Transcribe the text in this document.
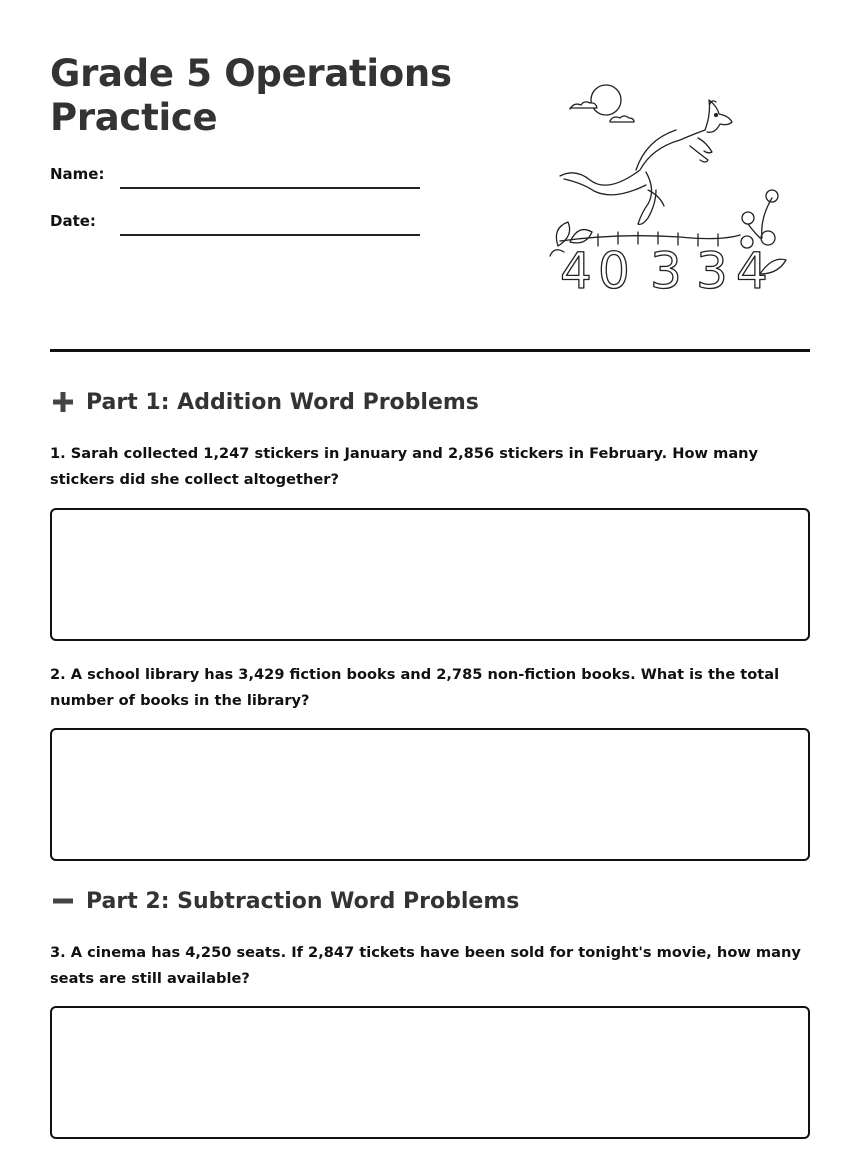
Grade 5 Operations Practice
Name:
Date:
4 0 3 3 4
Part 1: Addition Word Problems

1. Sarah collected 1,247 stickers in January and 2,856 stickers in February. How many stickers did she collect altogether?

2. A school library has 3,429 fiction books and 2,785 non-fiction books. What is the total number of books in the library?

Part 2: Subtraction Word Problems

3. A cinema has 4,250 seats. If 2,847 tickets have been sold for tonight's movie, how many seats are still available?
